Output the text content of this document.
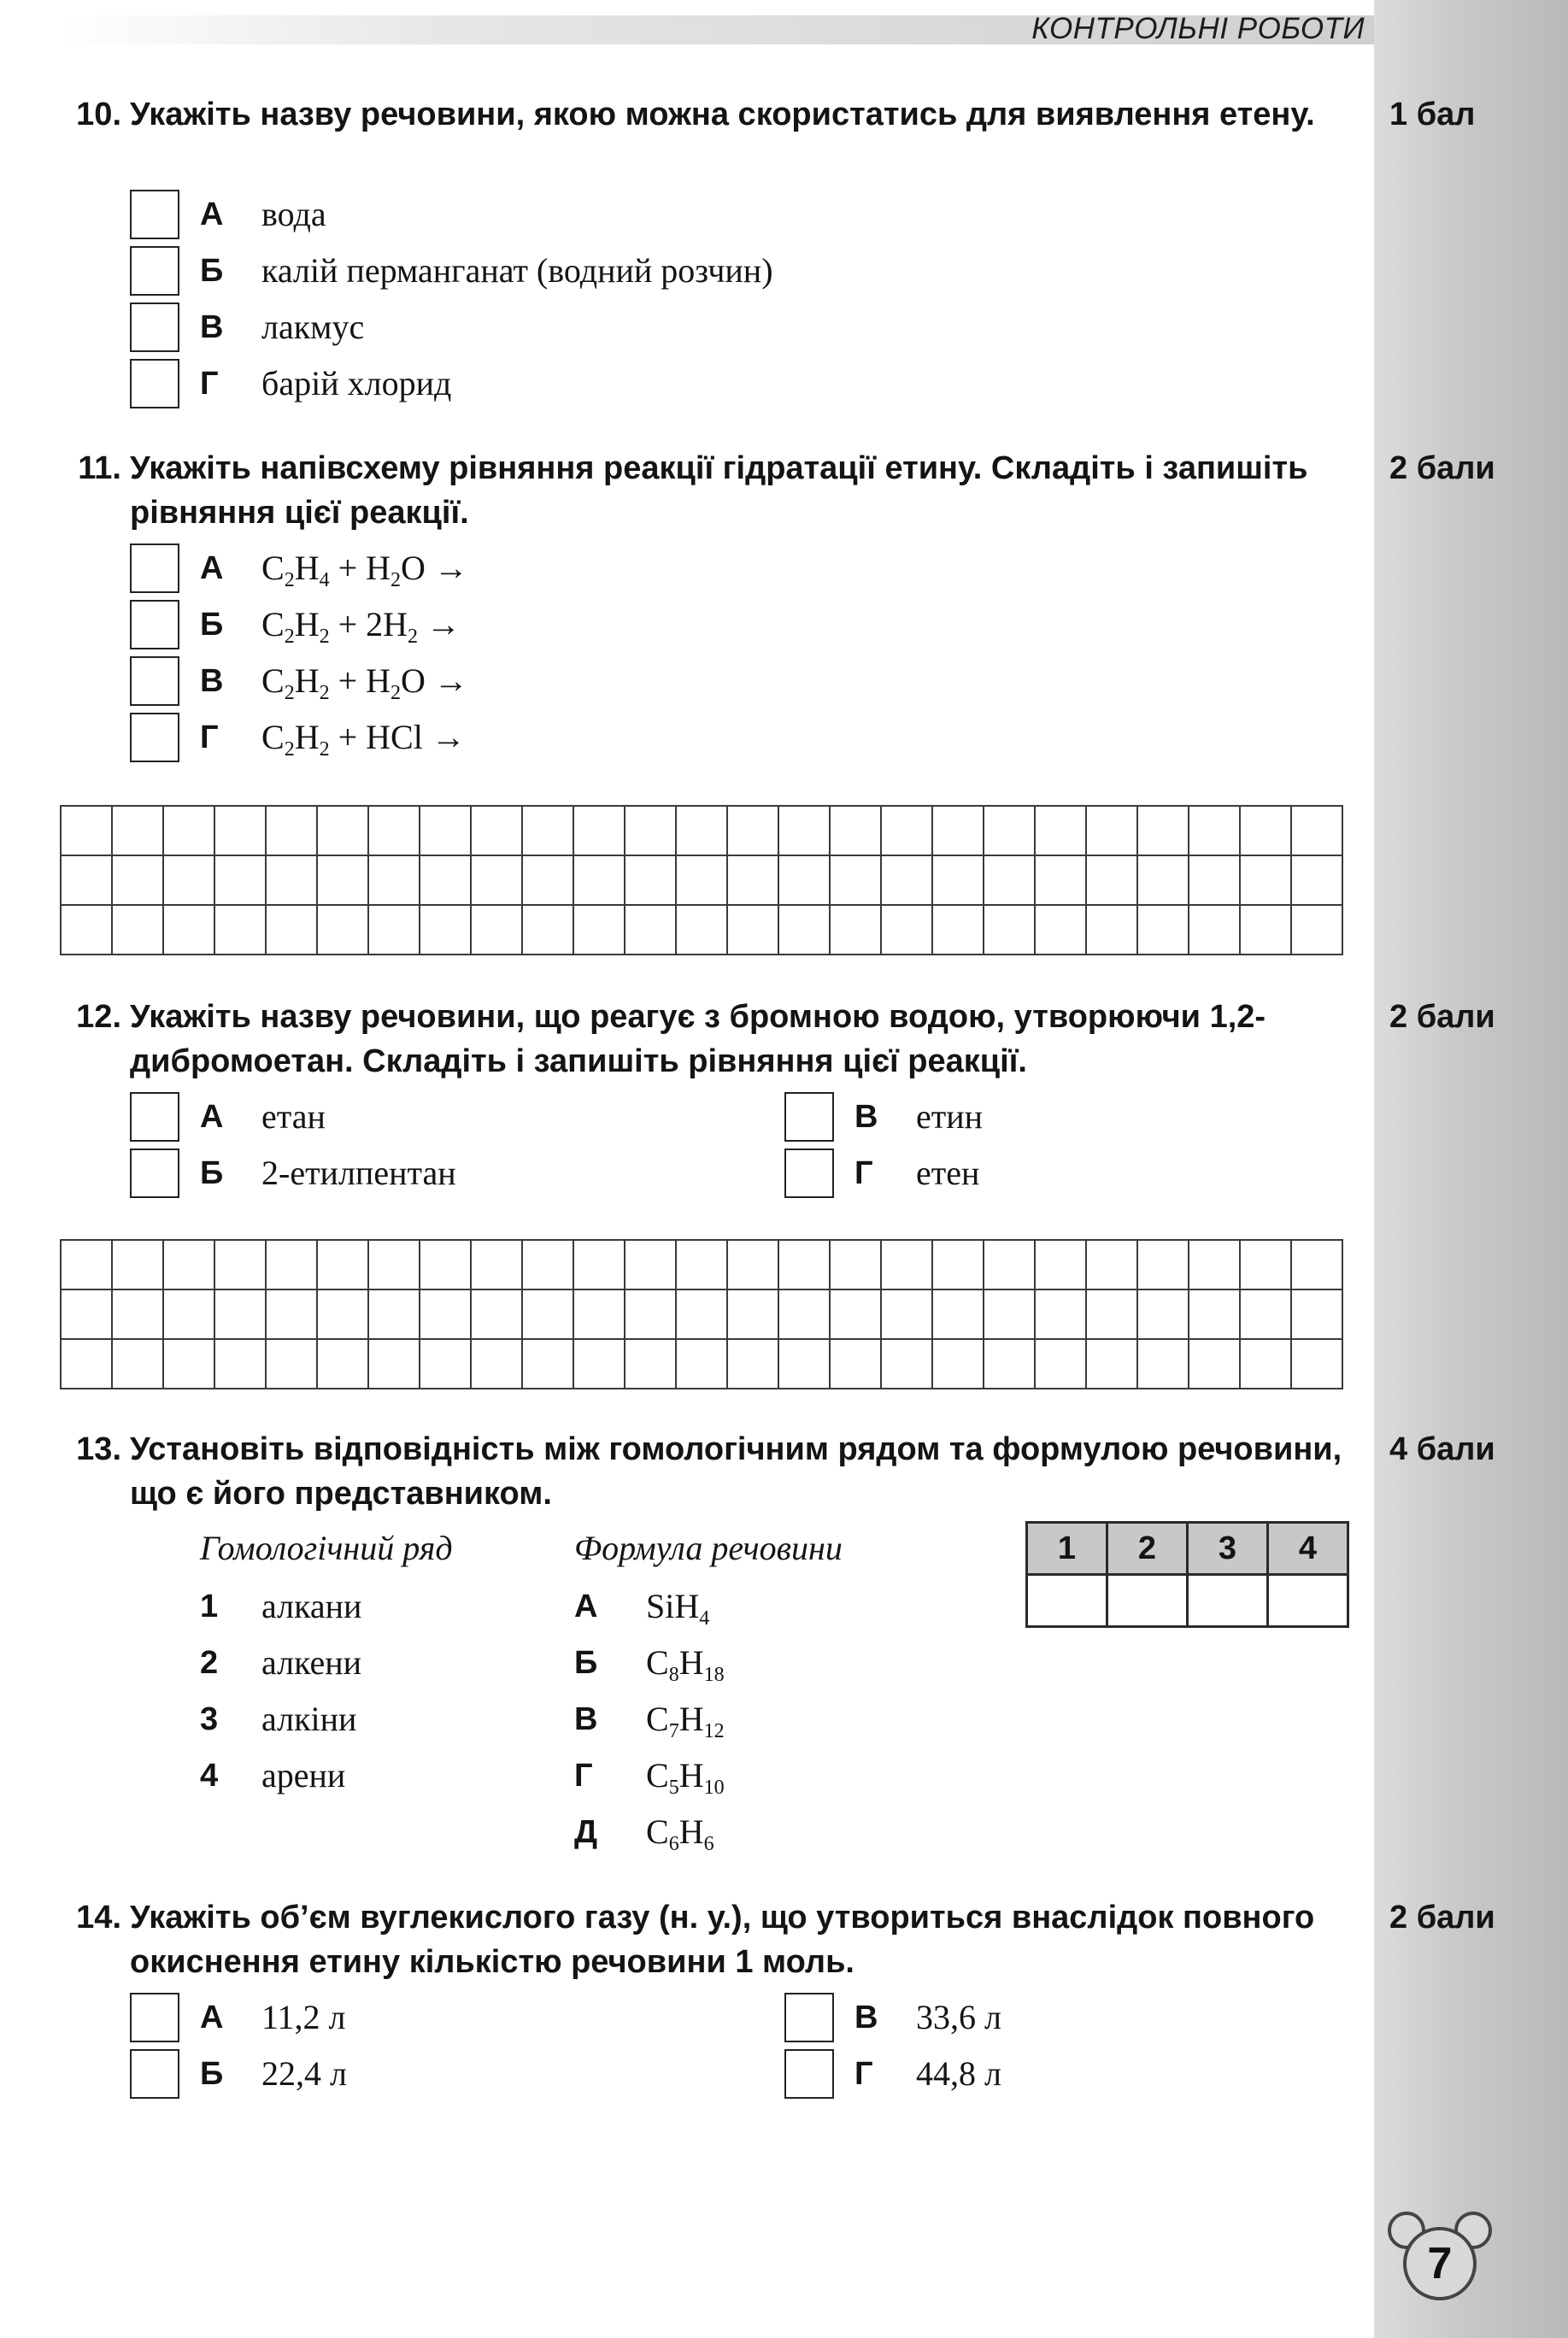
КОНТРОЛЬНІ РОБОТИ
10. Укажіть назву речовини, якою можна скористатись для виявлення етену.	1 бал
А вода
Б калій перманганат (водний розчин)
В лакмус
Г барій хлорид
11. Укажіть напівсхему рівняння реакції гідратації етину. Складіть і запишіть рівняння цієї реакції.
2 бали
А $C_2H_4 + H_2O$ →
Б $C_2H_2 + 2H_2$ →
В $C_2H_2 + H_2O$ →
Г $C_2H_2$ + HCl →

12. Укажіть назву речовини, що реагує з бромною водою, утворюючи 1,2-дибромоетан. Складіть і запишіть рівняння цієї реакції.
2 бали
А етан
Б 2-етилпентан
В етин
Г етен

13. Установіть відповідність між гомологічним рядом та формулою речовини, що є його представником.
4 бали
Гомологічний ряд	Формула речовини
1 алкани
2 алкени
3 алкіни
4 арени
А SiH$_4$
Б $C_8H_{18}$
В $C_7H_{12}$
Г $C_5H_{10}$
Д $C_6H_6$
1	2	3	4

14. Укажіть об’єм вуглекислого газу (н. у.), що утвориться внаслідок повного окиснення етину кількістю речовини 1 моль.
2 бали
А 11,2 л
Б 22,4 л
В 33,6 л
Г 44,8 л
7
